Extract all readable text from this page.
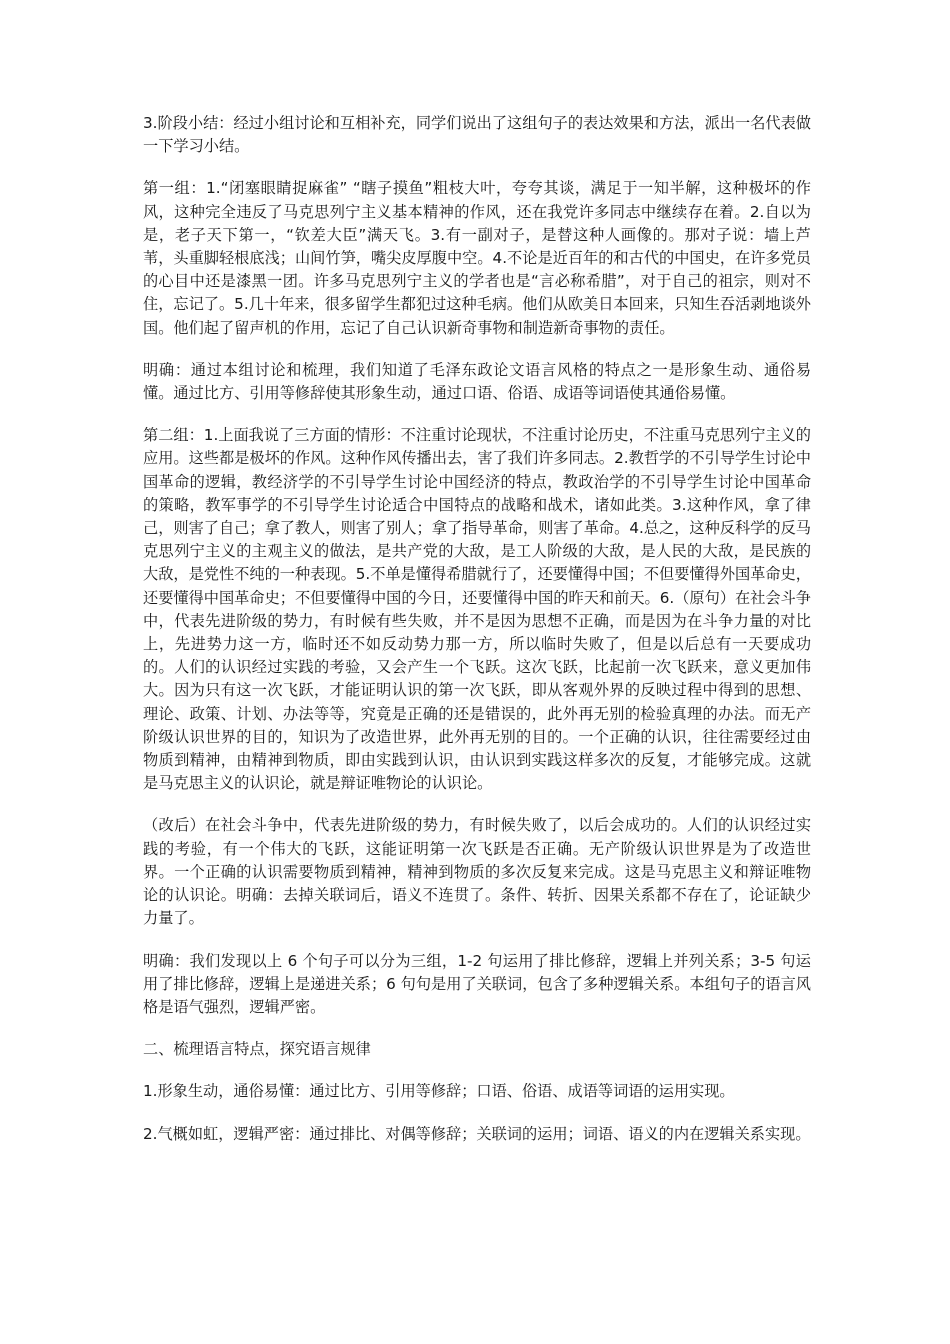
3.阶段小结：经过小组讨论和互相补充，同学们说出了这组句子的表达效果和方法，派出一名代表做一下学习小结。

第一组：1.“闭塞眼睛捉麻雀” “瞎子摸鱼”粗枝大叶，夸夸其谈，满足于一知半解，这种极坏的作风，这种完全违反了马克思列宁主义基本精神的作风，还在我党许多同志中继续存在着。2.自以为是，老子天下第一，“钦差大臣”满天飞。3.有一副对子，是替这种人画像的。那对子说：墙上芦苇，头重脚轻根底浅；山间竹笋，嘴尖皮厚腹中空。4.不论是近百年的和古代的中国史，在许多党员的心目中还是漆黑一团。许多马克思列宁主义的学者也是“言必称希腊”，对于自己的祖宗，则对不住，忘记了。5.几十年来，很多留学生都犯过这种毛病。他们从欧美日本回来，只知生吞活剥地谈外国。他们起了留声机的作用，忘记了自己认识新奇事物和制造新奇事物的责任。

明确：通过本组讨论和梳理，我们知道了毛泽东政论文语言风格的特点之一是形象生动、通俗易懂。通过比方、引用等修辞使其形象生动，通过口语、俗语、成语等词语使其通俗易懂。

第二组：1.上面我说了三方面的情形：不注重讨论现状，不注重讨论历史，不注重马克思列宁主义的应用。这些都是极坏的作风。这种作风传播出去，害了我们许多同志。2.教哲学的不引导学生讨论中国革命的逻辑，教经济学的不引导学生讨论中国经济的特点，教政治学的不引导学生讨论中国革命的策略，教军事学的不引导学生讨论适合中国特点的战略和战术，诸如此类。3.这种作风，拿了律己，则害了自己；拿了教人，则害了别人；拿了指导革命，则害了革命。4.总之，这种反科学的反马克思列宁主义的主观主义的做法，是共产党的大敌，是工人阶级的大敌，是人民的大敌，是民族的大敌，是党性不纯的一种表现。5.不单是懂得希腊就行了，还要懂得中国；不但要懂得外国革命史，还要懂得中国革命史；不但要懂得中国的今日，还要懂得中国的昨天和前天。6.（原句）在社会斗争中，代表先进阶级的势力，有时候有些失败，并不是因为思想不正确，而是因为在斗争力量的对比上，先进势力这一方，临时还不如反动势力那一方，所以临时失败了，但是以后总有一天要成功的。人们的认识经过实践的考验，又会产生一个飞跃。这次飞跃，比起前一次飞跃来，意义更加伟大。因为只有这一次飞跃，才能证明认识的第一次飞跃，即从客观外界的反映过程中得到的思想、理论、政策、计划、办法等等，究竟是正确的还是错误的，此外再无别的检验真理的办法。而无产阶级认识世界的目的，知识为了改造世界，此外再无别的目的。一个正确的认识，往往需要经过由物质到精神，由精神到物质，即由实践到认识，由认识到实践这样多次的反复，才能够完成。这就是马克思主义的认识论，就是辩证唯物论的认识论。

（改后）在社会斗争中，代表先进阶级的势力，有时候失败了，以后会成功的。人们的认识经过实践的考验，有一个伟大的飞跃，这能证明第一次飞跃是否正确。无产阶级认识世界是为了改造世界。一个正确的认识需要物质到精神，精神到物质的多次反复来完成。这是马克思主义和辩证唯物论的认识论。明确：去掉关联词后，语义不连贯了。条件、转折、因果关系都不存在了，论证缺少力量了。

明确：我们发现以上 6 个句子可以分为三组，1-2 句运用了排比修辞，逻辑上并列关系；3-5 句运用了排比修辞，逻辑上是递进关系；6 句句是用了关联词，包含了多种逻辑关系。本组句子的语言风格是语气强烈，逻辑严密。

二、梳理语言特点，探究语言规律

1.形象生动，通俗易懂：通过比方、引用等修辞；口语、俗语、成语等词语的运用实现。

2.气概如虹，逻辑严密：通过排比、对偶等修辞；关联词的运用；词语、语义的内在逻辑关系实现。
